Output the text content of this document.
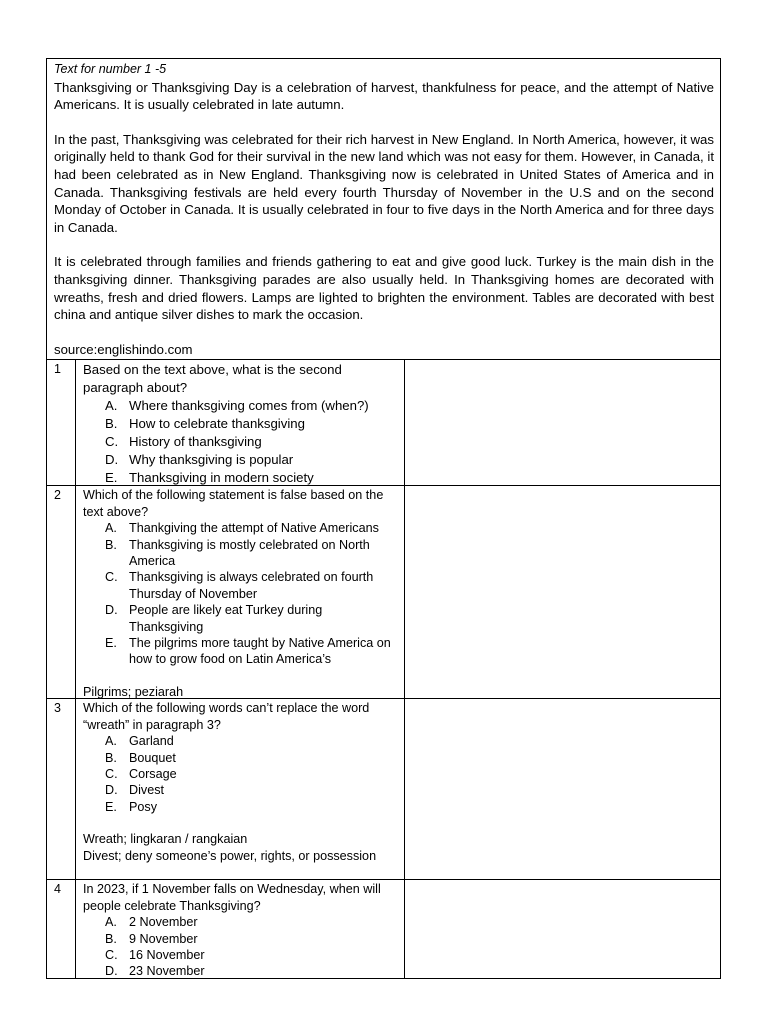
Text for number 1 -5

Thanksgiving or Thanksgiving Day is a celebration of harvest, thankfulness for peace, and the attempt of Native Americans. It is usually celebrated in late autumn.

In the past, Thanksgiving was celebrated for their rich harvest in New England. In North America, however, it was originally held to thank God for their survival in the new land which was not easy for them. However, in Canada, it had been celebrated as in New England. Thanksgiving now is celebrated in United States of America and in Canada. Thanksgiving festivals are held every fourth Thursday of November in the U.S and on the second Monday of October in Canada. It is usually celebrated in four to five days in the North America and for three days in Canada.

It is celebrated through families and friends gathering to eat and give good luck. Turkey is the main dish in the thanksgiving dinner. Thanksgiving parades are also usually held. In Thanksgiving homes are decorated with wreaths, fresh and dried flowers. Lamps are lighted to brighten the environment. Tables are decorated with best china and antique silver dishes to mark the occasion.

source:englishindo.com
1	Based on the text above, what is the second paragraph about?

A. Where thanksgiving comes from (when?)
B. How to celebrate thanksgiving
C. History of thanksgiving
D. Why thanksgiving is popular
E. Thanksgiving in modern society
2	Which of the following statement is false based on the text above?

A. Thankgiving the attempt of Native Americans
B. Thanksgiving is mostly celebrated on North America
C. Thanksgiving is always celebrated on fourth Thursday of November
D. People are likely eat Turkey during Thanksgiving
E. The pilgrims more taught by Native America on how to grow food on Latin America’s

Pilgrims; peziarah

3	Which of the following words can’t replace the word “wreath” in paragraph 3?

A. Garland
B. Bouquet
C. Corsage
D. Divest
E. Posy

Wreath; lingkaran / rangkaian

Divest; deny someone’s power, rights, or possession

4	In 2023, if 1 November falls on Wednesday, when will people celebrate Thanksgiving?

A. 2 November
B. 9 November
C. 16 November
D. 23 November
